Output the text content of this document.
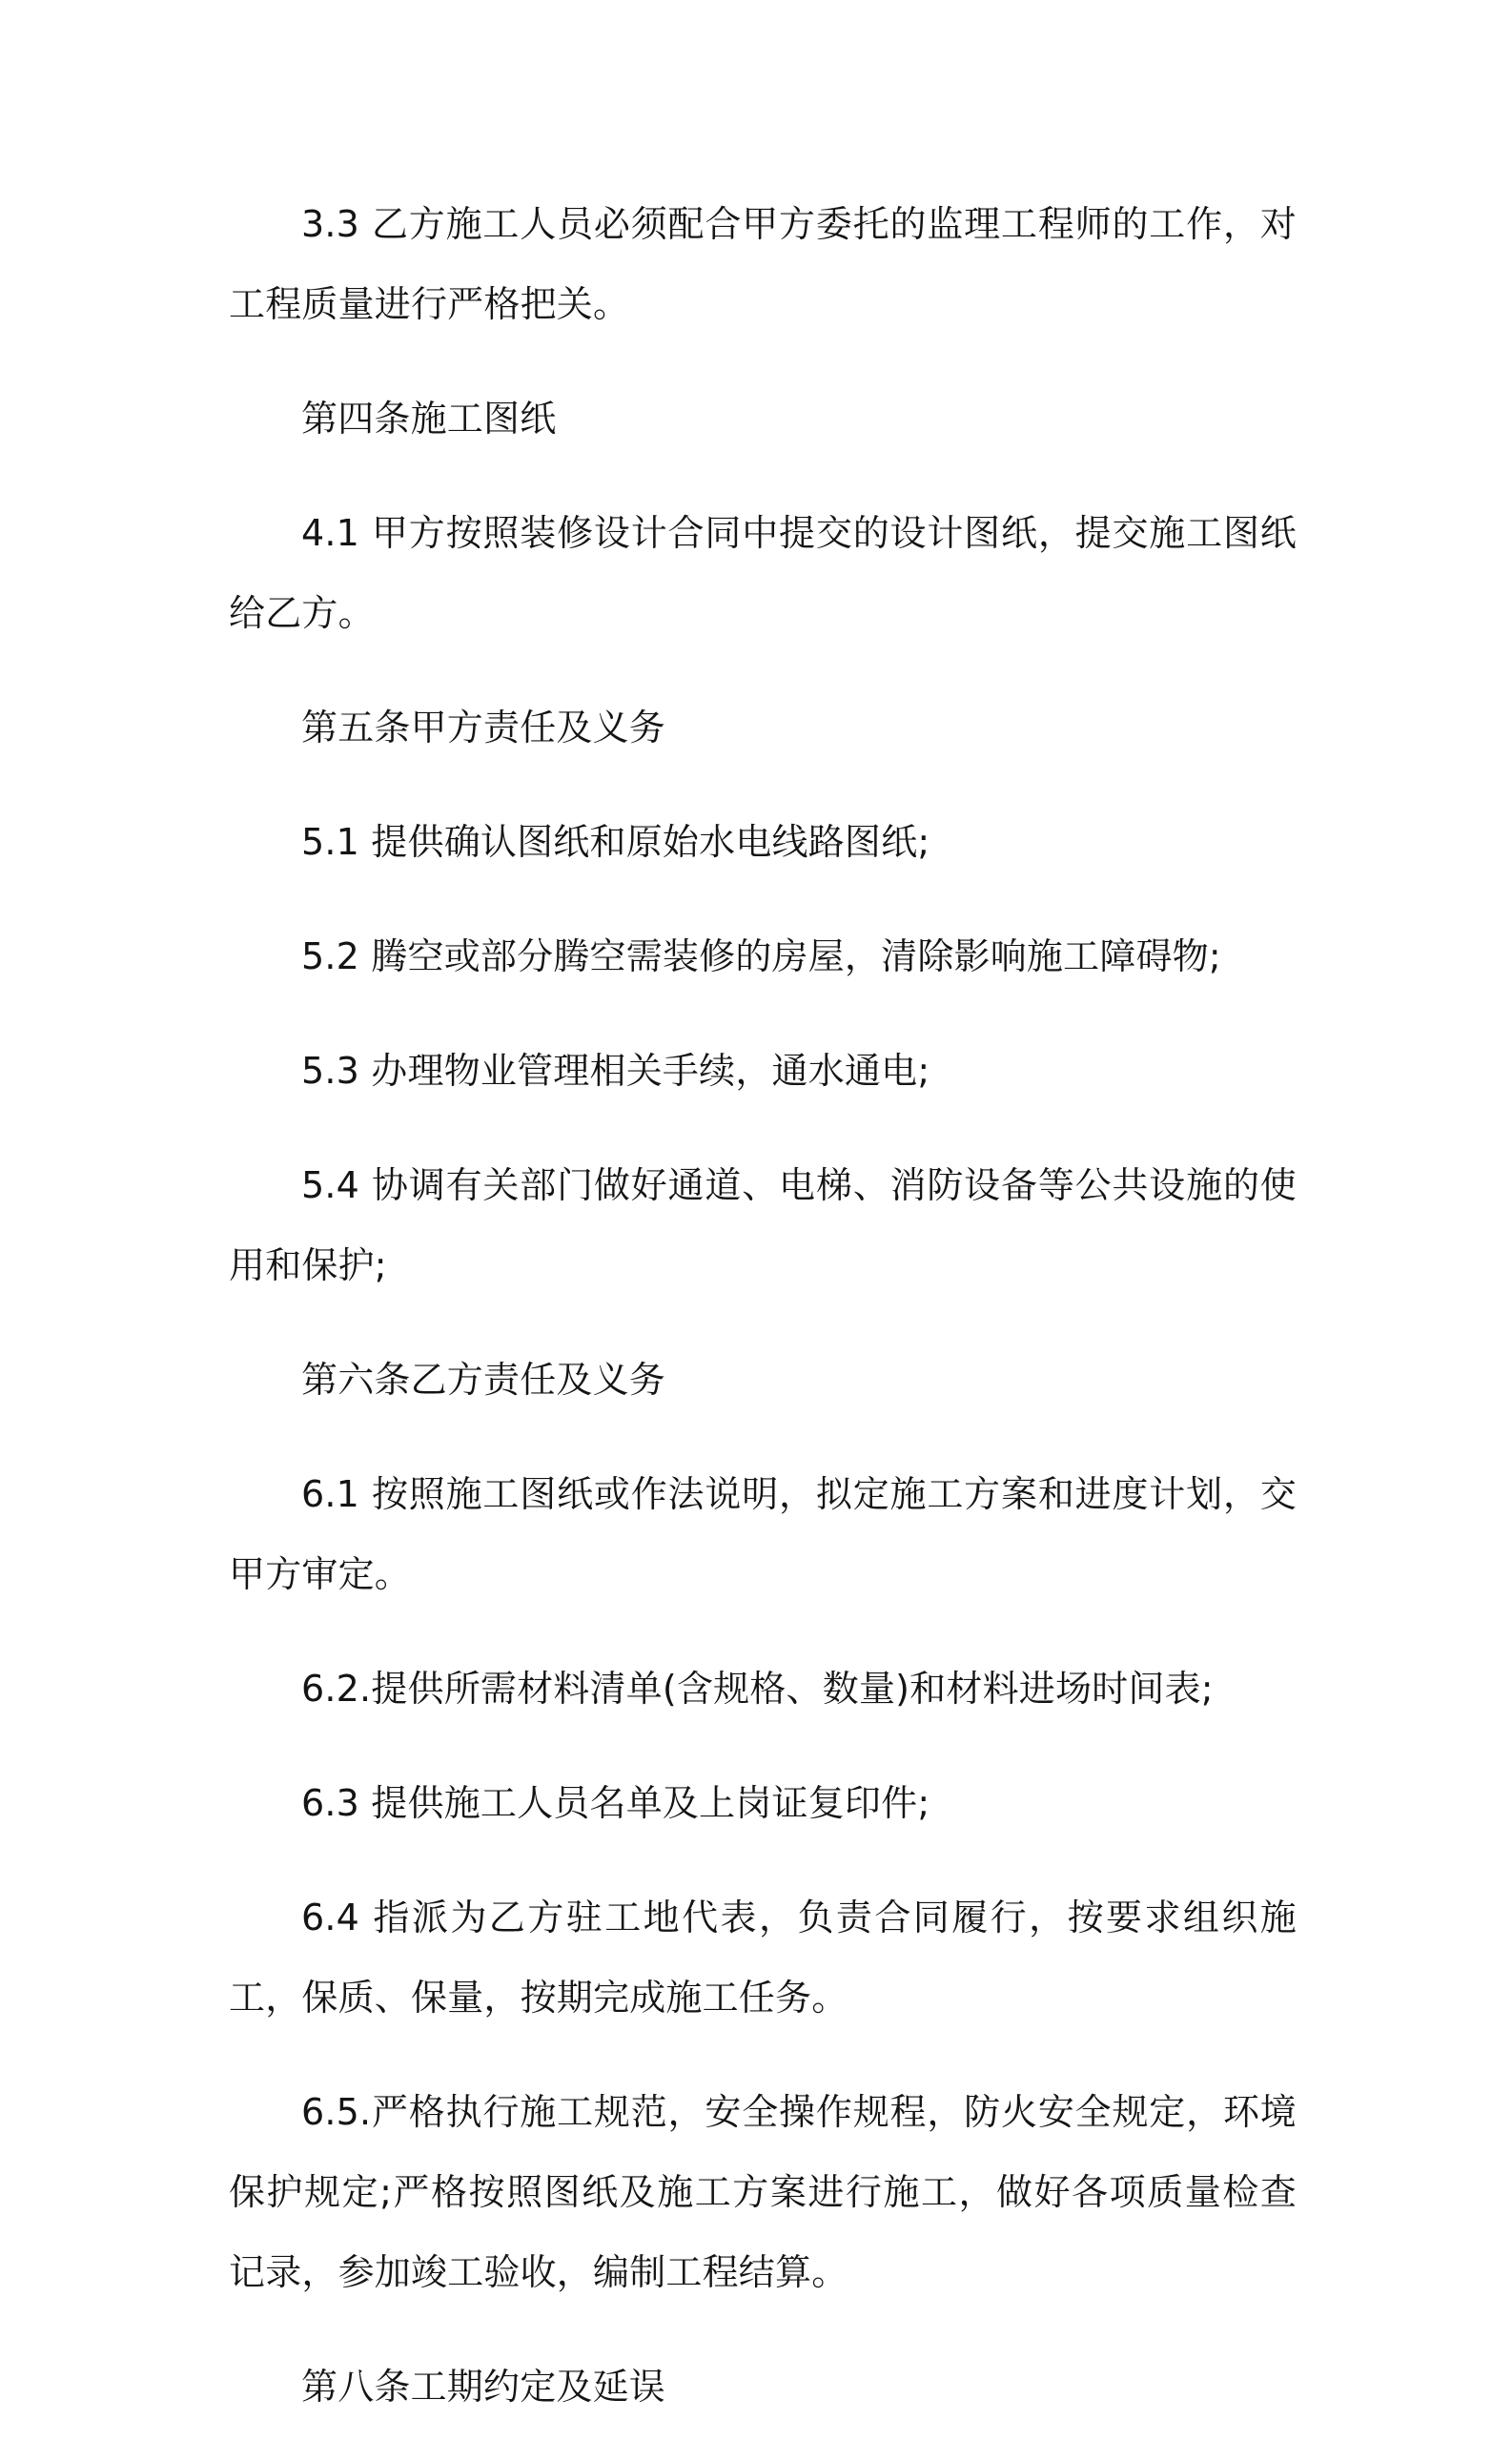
3.3 乙方施工人员必须配合甲方委托的监理工程师的工作，对工程质量进行严格把关。

第四条施工图纸

4.1 甲方按照装修设计合同中提交的设计图纸，提交施工图纸给乙方。

第五条甲方责任及义务

5.1 提供确认图纸和原始水电线路图纸;

5.2 腾空或部分腾空需装修的房屋，清除影响施工障碍物;

5.3 办理物业管理相关手续，通水通电;

5.4 协调有关部门做好通道、电梯、消防设备等公共设施的使用和保护;

第六条乙方责任及义务

6.1 按照施工图纸或作法说明，拟定施工方案和进度计划，交甲方审定。

6.2.提供所需材料清单(含规格、数量)和材料进场时间表;

6.3 提供施工人员名单及上岗证复印件;

6.4 指派为乙方驻工地代表，负责合同履行，按要求组织施工，保质、保量，按期完成施工任务。

6.5.严格执行施工规范，安全操作规程，防火安全规定，环境保护规定;严格按照图纸及施工方案进行施工，做好各项质量检查记录，参加竣工验收，编制工程结算。

第八条工期约定及延误
